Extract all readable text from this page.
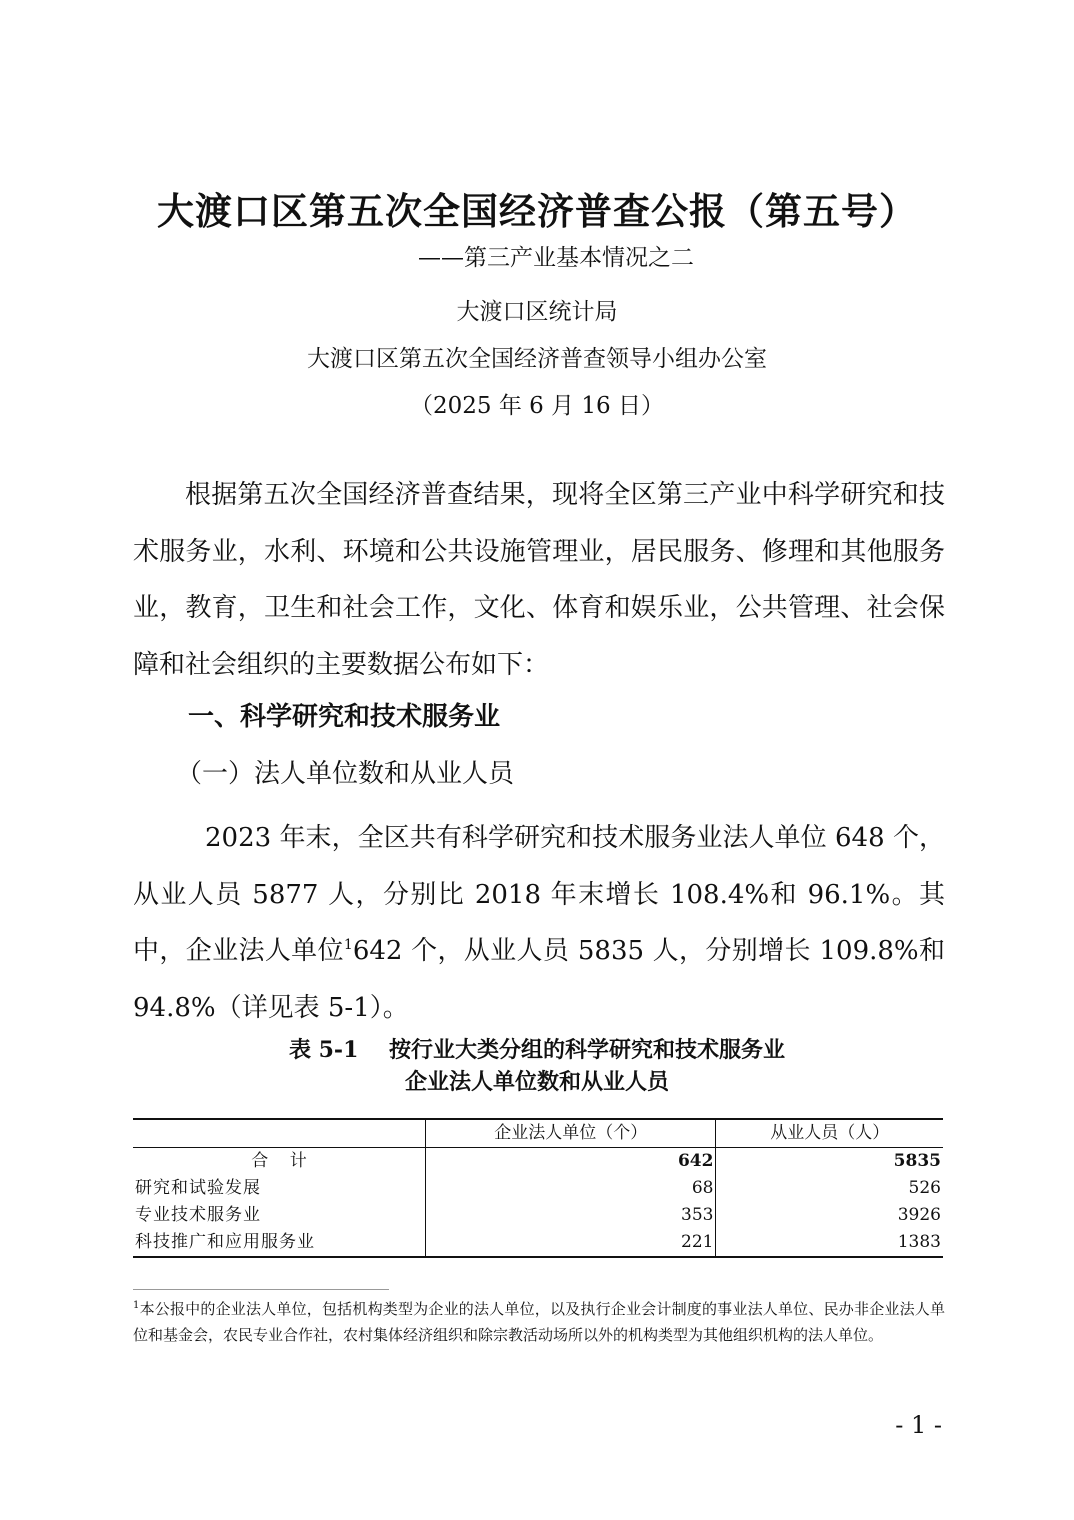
大渡口区第五次全国经济普查公报（第五号）
——第三产业基本情况之二
大渡口区统计局
大渡口区第五次全国经济普查领导小组办公室
（2025 年 6 月 16 日）

根据第五次全国经济普查结果，现将全区第三产业中科学研究和技术服务业，水利、环境和公共设施管理业，居民服务、修理和其他服务业，教育，卫生和社会工作，文化、体育和娱乐业，公共管理、社会保障和社会组织的主要数据公布如下：

一、科学研究和技术服务业
（一）法人单位数和从业人员

2023 年末，全区共有科学研究和技术服务业法人单位 648 个，从业人员 5877 人，分别比 2018 年末增长 108.4%和 96.1%。其中，企业法人单位$^1$642 个，从业人员 5835 人，分别增长 109.8%和 94.8%（详见表 5-1）。

表 5-1    按行业大类分组的科学研究和技术服务业
企业法人单位数和从业人员
	企业法人单位（个）	从业人员（人）
合    计	642	5835
研究和试验发展	68	526
专业技术服务业	353	3926
科技推广和应用服务业	221	1383

$^1$本公报中的企业法人单位，包括机构类型为企业的法人单位，以及执行企业会计制度的事业法人单位、民办非企业法人单位和基金会，农民专业合作社，农村集体经济组织和除宗教活动场所以外的机构类型为其他组织机构的法人单位。

- 1 -
